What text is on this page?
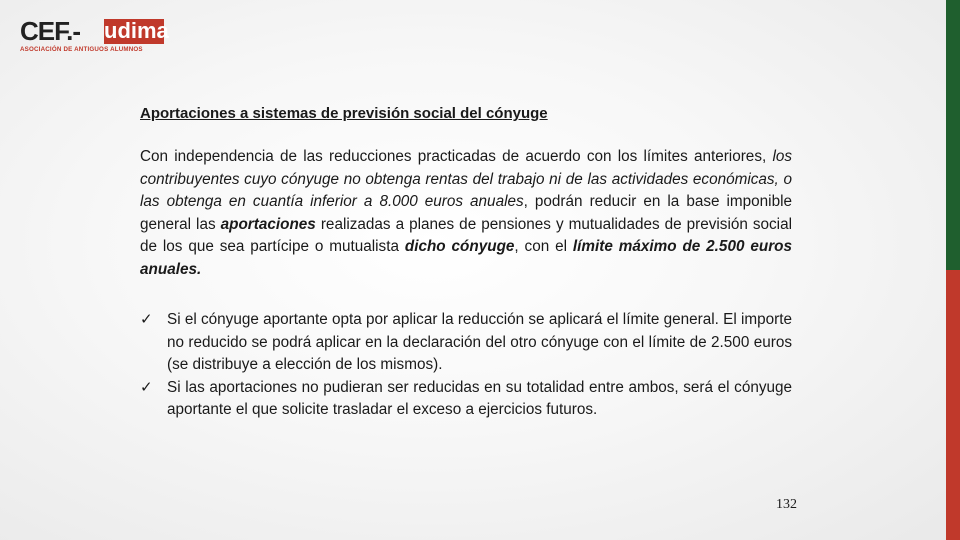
CEF.- udima
ASOCIACIÓN DE ANTIGUOS ALUMNOS

Aportaciones a sistemas de previsión social del cónyuge

Con independencia de las reducciones practicadas de acuerdo con los límites anteriores, los contribuyentes cuyo cónyuge no obtenga rentas del trabajo ni de las actividades económicas, o las obtenga en cuantía inferior a 8.000 euros anuales, podrán reducir en la base imponible general las aportaciones realizadas a planes de pensiones y mutualidades de previsión social de los que sea partícipe o mutualista dicho cónyuge, con el límite máximo de 2.500 euros anuales.

✓ Si el cónyuge aportante opta por aplicar la reducción se aplicará el límite general. El importe no reducido se podrá aplicar en la declaración del otro cónyuge con el límite de 2.500 euros (se distribuye a elección de los mismos).
✓ Si las aportaciones no pudieran ser reducidas en su totalidad entre ambos, será el cónyuge aportante el que solicite trasladar el exceso a ejercicios futuros.
132
